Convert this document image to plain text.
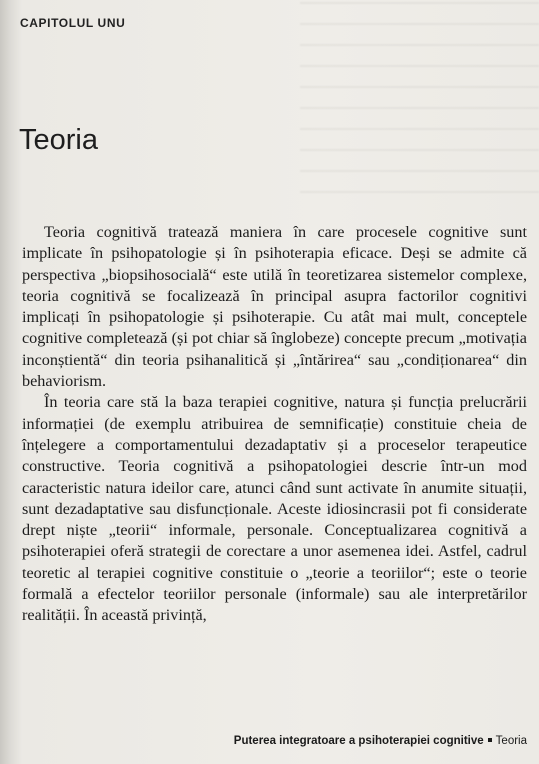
CAPITOLUL UNU
Teoria

Teoria cognitivă tratează maniera în care procesele cognitive sunt implicate în psihopatologie și în psihoterapia eficace. Deși se admite că perspectiva „biopsihosocială“ este utilă în teoretizarea sistemelor complexe, teoria cognitivă se focalizează în principal asupra factorilor cognitivi implicați în psihopatologie și psihoterapie. Cu atât mai mult, conceptele cognitive completează (și pot chiar să înglobeze) concepte precum „motivația inconștientă“ din teoria psihanalitică și „întărirea“ sau „condiționarea“ din behaviorism.

În teoria care stă la baza terapiei cognitive, natura și funcția prelucrării informației (de exemplu atribuirea de semnificație) constituie cheia de înțelegere a comportamentului dezadaptativ și a proceselor terapeutice constructive. Teoria cognitivă a psihopatologiei descrie într-un mod caracteristic natura ideilor care, atunci când sunt activate în anumite situații, sunt dezadaptative sau disfuncționale. Aceste idiosincrasii pot fi considerate drept niște „teorii“ informale, personale. Conceptualizarea cognitivă a psihoterapiei oferă strategii de corectare a unor asemenea idei. Astfel, cadrul teoretic al terapiei cognitive constituie o „teorie a teoriilor“; este o teorie formală a efectelor teoriilor personale (informale) sau ale interpretărilor realității. În această privință,

Puterea integratoare a psihoterapiei cognitive Teoria
